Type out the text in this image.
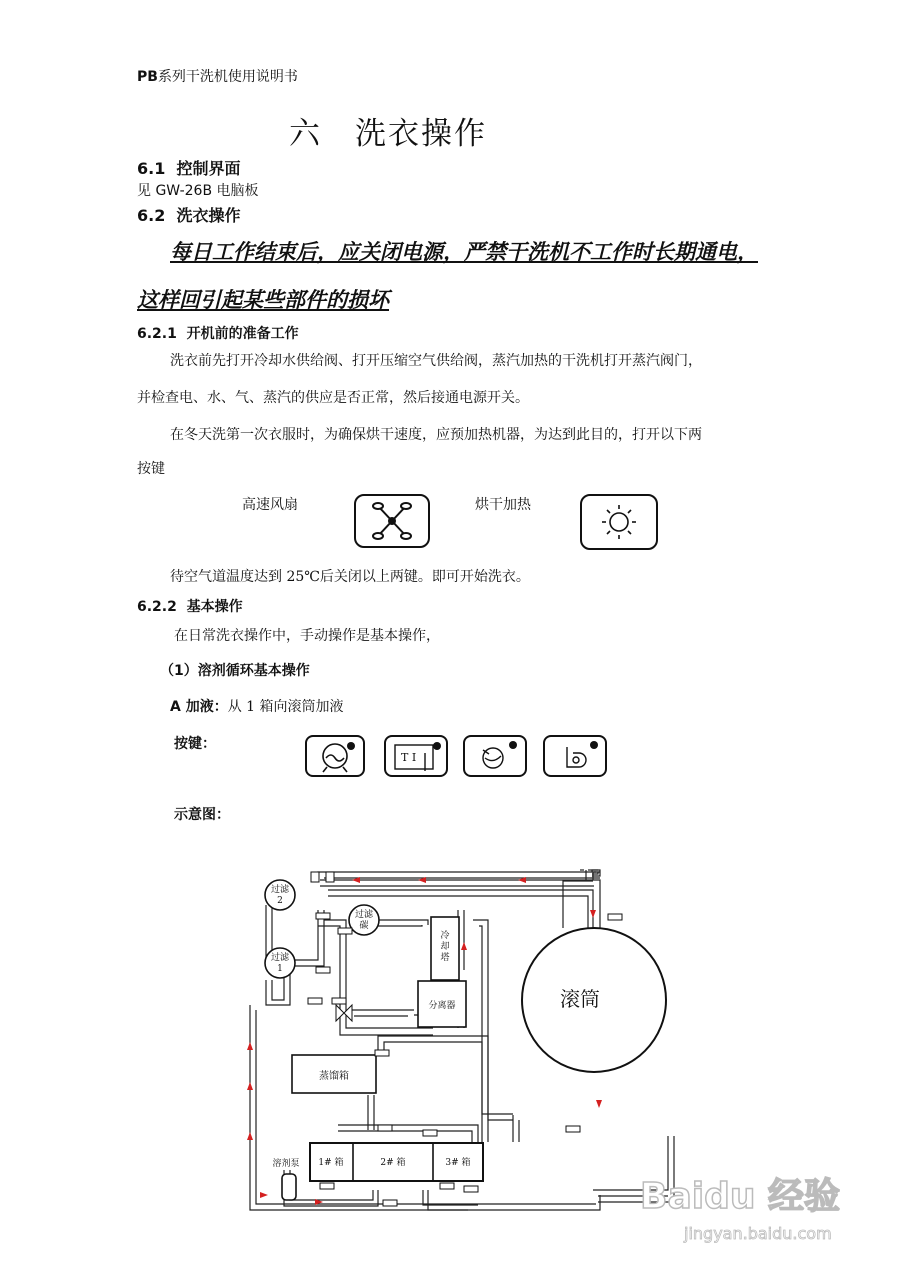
PB系列干洗机使用说明书
六　洗衣操作
6.1 控制界面
见 GW-26B 电脑板
6.2 洗衣操作
每日工作结束后，应关闭电源，严禁干洗机不工作时长期通电，
这样回引起某些部件的损坏
6.2.1 开机前的准备工作
洗衣前先打开冷却水供给阀、打开压缩空气供给阀，蒸汽加热的干洗机打开蒸汽阀门，
并检查电、水、气、蒸汽的供应是否正常，然后接通电源开关。
在冬天洗第一次衣服时，为确保烘干速度，应预加热机器，为达到此目的，打开以下两
按键
高速风扇	烘干加热
待空气道温度达到 25℃后关闭以上两键。即可开始洗衣。
6.2.2 基本操作
在日常洗衣操作中，手动操作是基本操作，
（1）溶剂循环基本操作
A 加液：从 1 箱向滚筒加液
按键：
T I
示意图：
过滤
2
过滤
碳
过滤
1
冷
却
塔
分离器	滚筒
蒸馏箱
1# 箱	2# 箱	3# 箱
溶剂泵
Baidu 经验
jingyan.baidu.com
